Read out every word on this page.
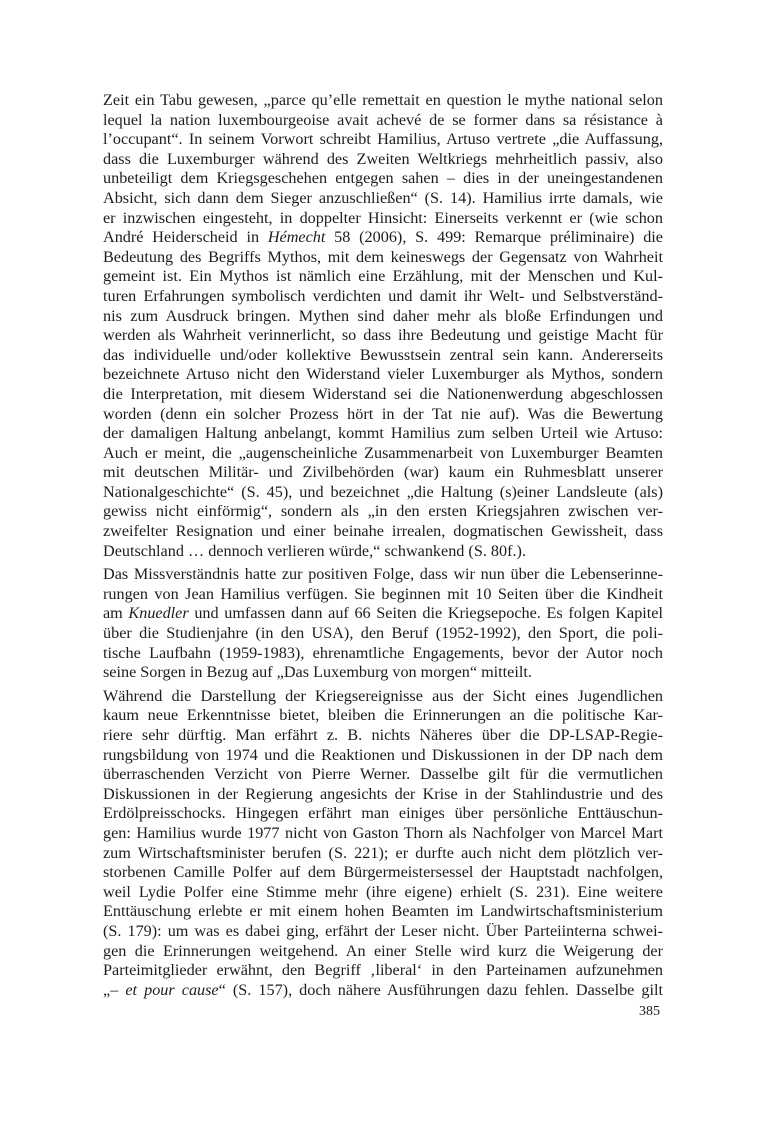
Zeit ein Tabu gewesen, „parce qu’elle remettait en question le mythe national selon
lequel la nation luxembourgeoise avait achevé de se former dans sa résistance à
l’occupant“. In seinem Vorwort schreibt Hamilius, Artuso vertrete „die Auffassung,
dass die Luxemburger während des Zweiten Weltkriegs mehrheitlich passiv, also
unbeteiligt dem Kriegsgeschehen entgegen sahen – dies in der uneingestandenen
Absicht, sich dann dem Sieger anzuschließen“ (S. 14). Hamilius irrte damals, wie
er inzwischen eingesteht, in doppelter Hinsicht: Einerseits verkennt er (wie schon
André Heiderscheid in Hémecht 58 (2006), S. 499: Remarque préliminaire) die
Bedeutung des Begriffs Mythos, mit dem keineswegs der Gegensatz von Wahrheit
gemeint ist. Ein Mythos ist nämlich eine Erzählung, mit der Menschen und Kul-
turen Erfahrungen symbolisch verdichten und damit ihr Welt- und Selbstverständ-
nis zum Ausdruck bringen. Mythen sind daher mehr als bloße Erfindungen und
werden als Wahrheit verinnerlicht, so dass ihre Bedeutung und geistige Macht für
das individuelle und/oder kollektive Bewusstsein zentral sein kann. Andererseits
bezeichnete Artuso nicht den Widerstand vieler Luxemburger als Mythos, sondern
die Interpretation, mit diesem Widerstand sei die Nationenwerdung abgeschlossen
worden (denn ein solcher Prozess hört in der Tat nie auf). Was die Bewertung
der damaligen Haltung anbelangt, kommt Hamilius zum selben Urteil wie Artuso:
Auch er meint, die „augenscheinliche Zusammenarbeit von Luxemburger Beamten
mit deutschen Militär- und Zivilbehörden (war) kaum ein Ruhmesblatt unserer
Nationalgeschichte“ (S. 45), und bezeichnet „die Haltung (s)einer Landsleute (als)
gewiss nicht einförmig“, sondern als „in den ersten Kriegsjahren zwischen ver-
zweifelter Resignation und einer beinahe irrealen, dogmatischen Gewissheit, dass
Deutschland … dennoch verlieren würde,“ schwankend (S. 80f.).
Das Missverständnis hatte zur positiven Folge, dass wir nun über die Lebenserinne-
rungen von Jean Hamilius verfügen. Sie beginnen mit 10 Seiten über die Kindheit
am Knuedler und umfassen dann auf 66 Seiten die Kriegsepoche. Es folgen Kapitel
über die Studienjahre (in den USA), den Beruf (1952-1992), den Sport, die poli-
tische Laufbahn (1959-1983), ehrenamtliche Engagements, bevor der Autor noch
seine Sorgen in Bezug auf „Das Luxemburg von morgen“ mitteilt.
Während die Darstellung der Kriegsereignisse aus der Sicht eines Jugendlichen
kaum neue Erkenntnisse bietet, bleiben die Erinnerungen an die politische Kar-
riere sehr dürftig. Man erfährt z. B. nichts Näheres über die DP-LSAP-Regie-
rungsbildung von 1974 und die Reaktionen und Diskussionen in der DP nach dem
überraschenden Verzicht von Pierre Werner. Dasselbe gilt für die vermutlichen
Diskussionen in der Regierung angesichts der Krise in der Stahlindustrie und des
Erdölpreisschocks. Hingegen erfährt man einiges über persönliche Enttäuschun-
gen: Hamilius wurde 1977 nicht von Gaston Thorn als Nachfolger von Marcel Mart
zum Wirtschaftsminister berufen (S. 221); er durfte auch nicht dem plötzlich ver-
storbenen Camille Polfer auf dem Bürgermeistersessel der Hauptstadt nachfolgen,
weil Lydie Polfer eine Stimme mehr (ihre eigene) erhielt (S. 231). Eine weitere
Enttäuschung erlebte er mit einem hohen Beamten im Landwirtschaftsministerium
(S. 179): um was es dabei ging, erfährt der Leser nicht. Über Parteiinterna schwei-
gen die Erinnerungen weitgehend. An einer Stelle wird kurz die Weigerung der
Parteimitglieder erwähnt, den Begriff ‚liberal‘ in den Parteinamen aufzunehmen
„– et pour cause“ (S. 157), doch nähere Ausführungen dazu fehlen. Dasselbe gilt
385
